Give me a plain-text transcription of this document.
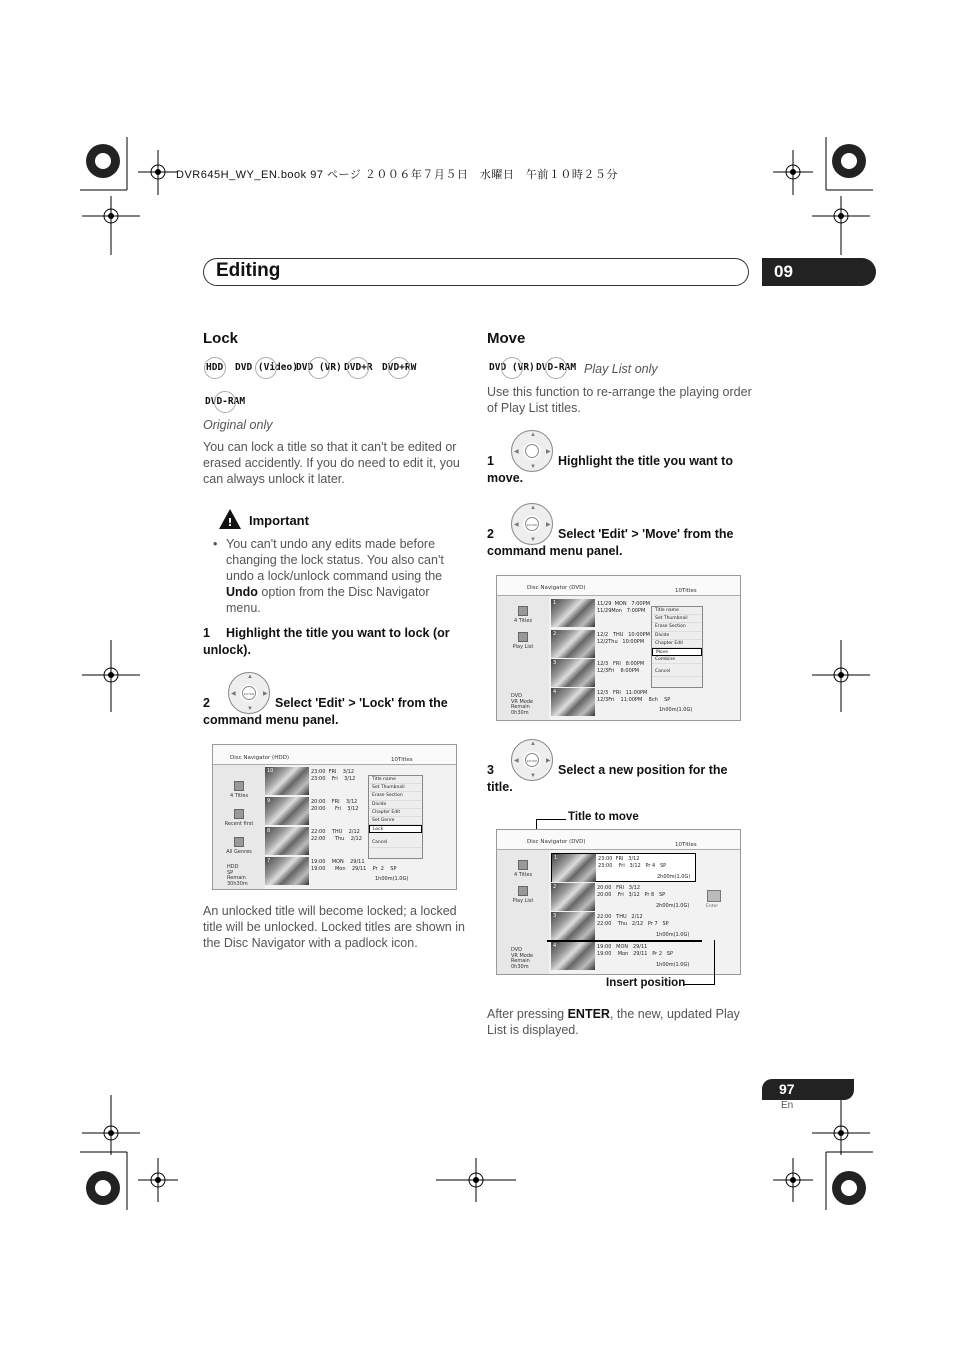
DVR645H_WY_EN.book 97 ページ ２００６年７月５日　水曜日　午前１０時２５分
Editing	09
Lock
HDD DVD (Video)
DVD (VR) DVD+R DVD+RW
DVD-RAM
Original only
You can lock a title so that it can't be edited or erased accidently. If you do need to edit it, you can always unlock it later.
! Important
• You can't undo any edits made before changing the lock status. You also can't undo a lock/unlock command using the Undo option from the Disc Navigator menu.
1	Highlight the title you want to lock (or unlock).
ENTER
▲
▼
◀	▶
2	Select 'Edit' > 'Lock' from the command menu panel.
Disc Navigator (HDD)	10Titles
4 Titles
Recent first
All Genres
HDD
SP
Remain
30h30m
10	23:00  FRI    3/12
23:00    Fri    3/12
9	20:00    FRI    3/12
20:00      Fri    3/12
8	22:00    THU    2/12
22:00      Thu    2/12
7	19:00    MON    29/11
19:00      Mon    29/11    Pr  2    SP
1h00m(1.0G)
Title name
Set Thumbnail
Erase Section
Divide
Chapter Edit
Set Genre
Lock
Cancel
An unlocked title will become locked; a locked title will be unlocked. Locked titles are shown in the Disc Navigator with a padlock icon.
Move
DVD (VR) DVD-RAM Play List only
Use this function to re-arrange the playing order of Play List titles.
▲
▼
◀	▶
1	Highlight the title you want to move.
ENTER
▲
▼
◀	▶
2	Select 'Edit' > 'Move' from the command menu panel.
Disc Navigator (DVD)	10Titles
4 Titles
Play List
DVD
VR Mode
Remain
0h30m
1	11/29  MON   7:00PM
11/29Mon   7:00PM
2	12/2   THU   10:00PM
12/2Thu   10:00PM
3	12/3   FRI   8:00PM
12/3Fri    8:00PM
4	12/3   FRI   11:00PM
12/3Fri    11:00PM    8ch    SP
1h00m(1.0G)
Title name
Set Thumbnail
Erase Section
Divide
Chapter Edit
Move
Combine
Cancel
ENTER
▲
▼
◀	▶
3	Select a new position for the title.
Title to move
Disc Navigator (DVD)	10Titles
4 Titles
Play List
DVD
VR Mode
Remain
0h30m
1	23:00  FRI   3/12
23:00    Fri   3/12   Pr 4   SP
2h00m(1.0G)
2	20:00   FRI   3/12
20:00    Fri   3/12   Pr 8   SP
2h00m(1.0G)
3	22:00   THU   2/12
22:00    Thu   2/12   Pr 7   SP
1h00m(1.0G)
4	19:00   MON   29/11
19:00    Mon   29/11   Pr 2   SP
1h00m(1.0G)
Enter
Insert position
After pressing ENTER, the new, updated Play List is displayed.
97
En
